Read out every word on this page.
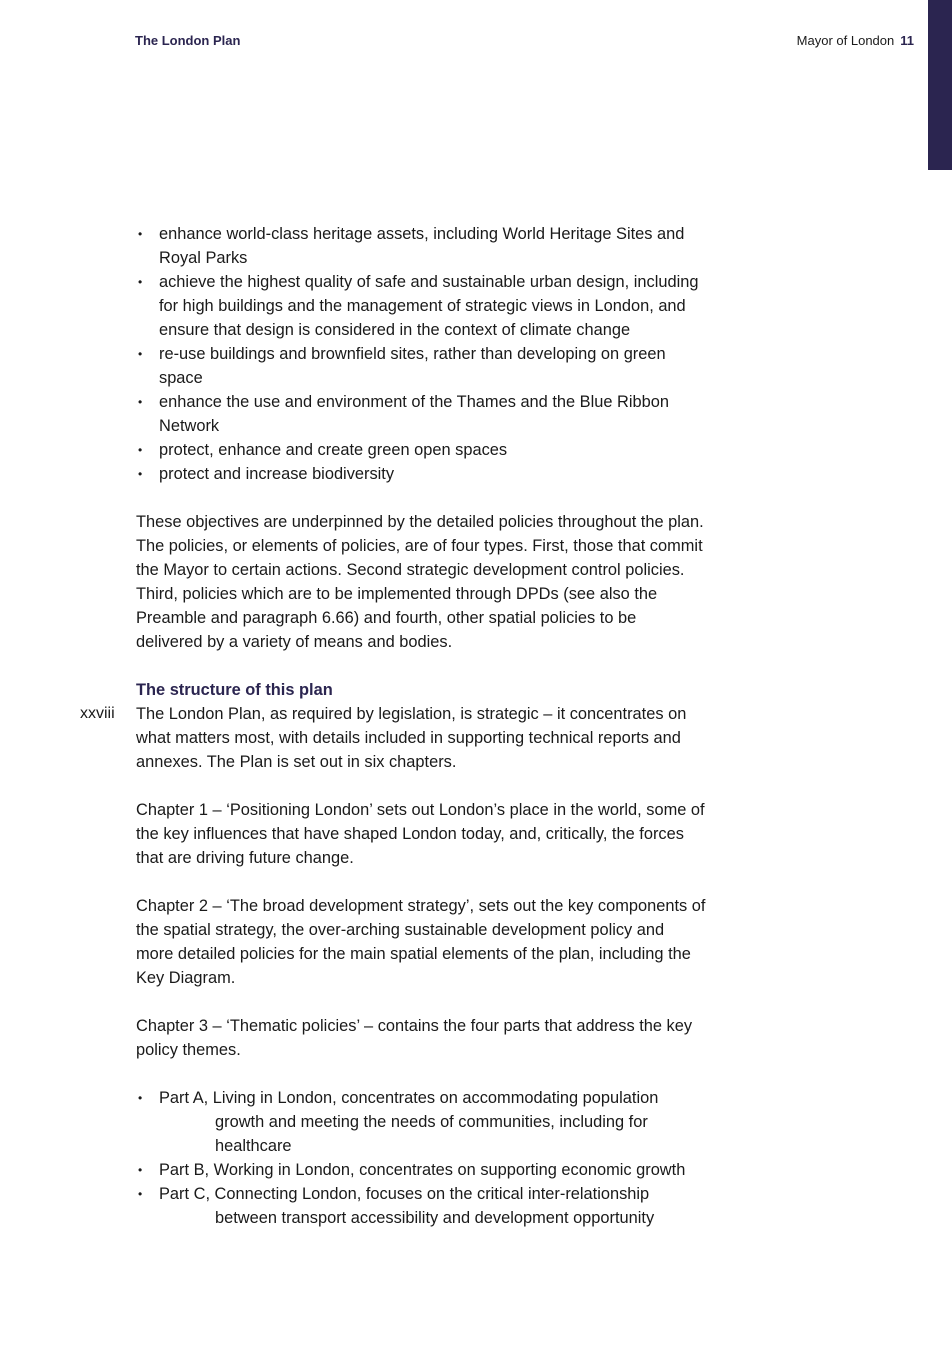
The London Plan	Mayor of London 11
• enhance world-class heritage assets, including World Heritage Sites and Royal Parks
• achieve the highest quality of safe and sustainable urban design, including for high buildings and the management of strategic views in London, and ensure that design is considered in the context of climate change
• re-use buildings and brownfield sites, rather than developing on green space
• enhance the use and environment of the Thames and the Blue Ribbon Network
• protect, enhance and create green open spaces
• protect and increase biodiversity

These objectives are underpinned by the detailed policies throughout the plan. The policies, or elements of policies, are of four types. First, those that commit the Mayor to certain actions. Second strategic development control policies. Third, policies which are to be implemented through DPDs (see also the Preamble and paragraph 6.66) and fourth, other spatial policies to be delivered by a variety of means and bodies.

The structure of this plan
xxviii	The London Plan, as required by legislation, is strategic – it concentrates on what matters most, with details included in supporting technical reports and annexes. The Plan is set out in six chapters.

Chapter 1 – ‘Positioning London’ sets out London’s place in the world, some of the key influences that have shaped London today, and, critically, the forces that are driving future change.

Chapter 2 – ‘The broad development strategy’, sets out the key components of the spatial strategy, the over-arching sustainable development policy and more detailed policies for the main spatial elements of the plan, including the Key Diagram.

Chapter 3 – ‘Thematic policies’ – contains the four parts that address the key policy themes.

• Part A, Living in London, concentrates on accommodating population growth and meeting the needs of communities, including for healthcare
• Part B, Working in London, concentrates on supporting economic growth
• Part C, Connecting London, focuses on the critical inter-relationship between transport accessibility and development opportunity
